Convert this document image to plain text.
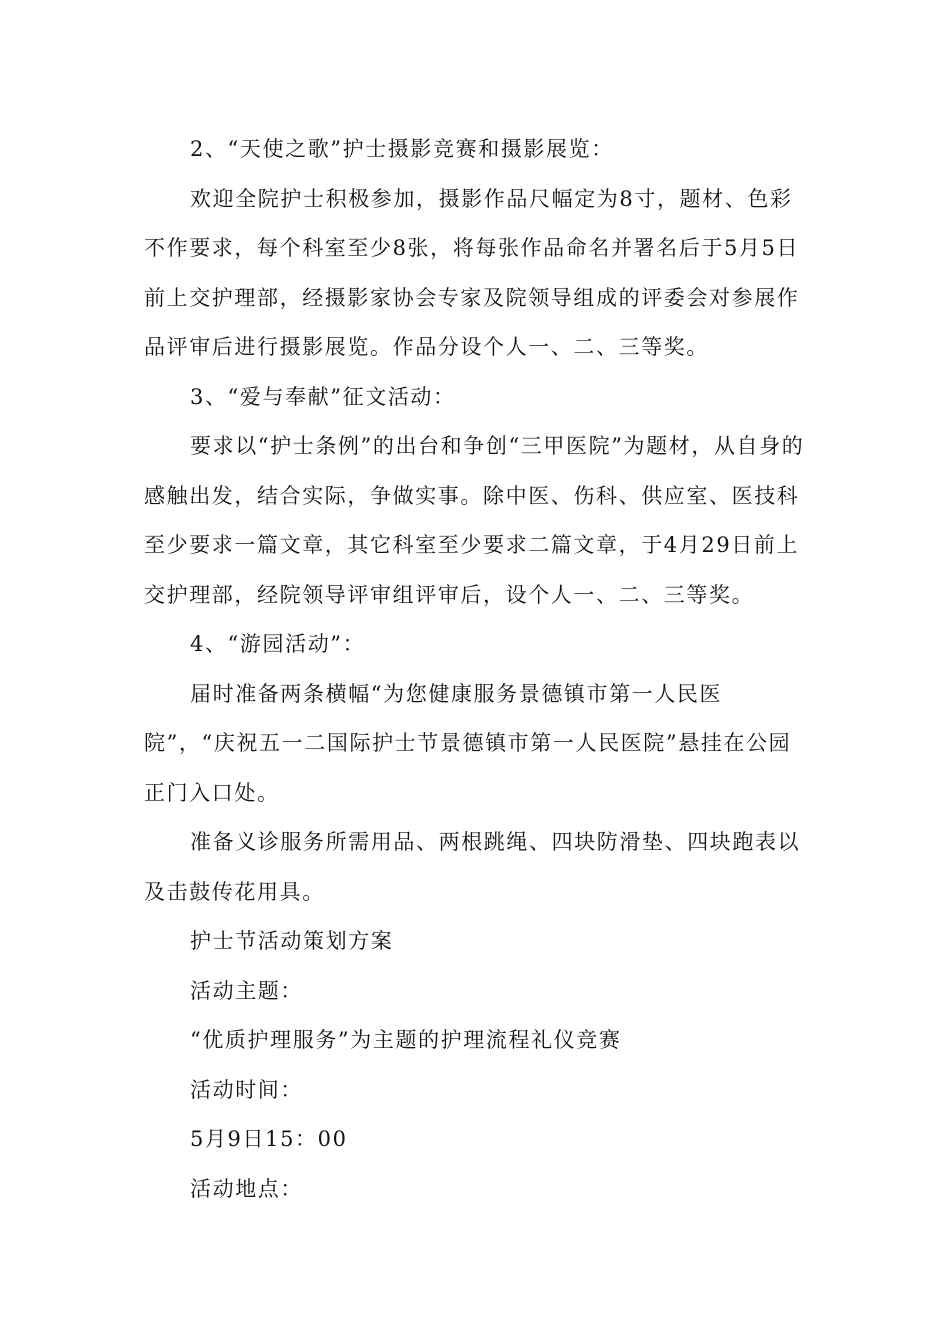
2、“天使之歌”护士摄影竞赛和摄影展览：

欢迎全院护士积极参加，摄影作品尺幅定为8寸，题材、色彩不作要求，每个科室至少8张，将每张作品命名并署名后于5月5日前上交护理部，经摄影家协会专家及院领导组成的评委会对参展作品评审后进行摄影展览。作品分设个人一、二、三等奖。

3、“爱与奉献”征文活动：

要求以“护士条例”的出台和争创“三甲医院”为题材，从自身的感触出发，结合实际，争做实事。除中医、伤科、供应室、医技科至少要求一篇文章，其它科室至少要求二篇文章，于4月29日前上交护理部，经院领导评审组评审后，设个人一、二、三等奖。

4、“游园活动”：

届时准备两条横幅“为您健康服务景德镇市第一人民医院”，“庆祝五一二国际护士节景德镇市第一人民医院”悬挂在公园正门入口处。

准备义诊服务所需用品、两根跳绳、四块防滑垫、四块跑表以及击鼓传花用具。

护士节活动策划方案

活动主题：

“优质护理服务”为主题的护理流程礼仪竞赛

活动时间：

5月9日15：00

活动地点：
